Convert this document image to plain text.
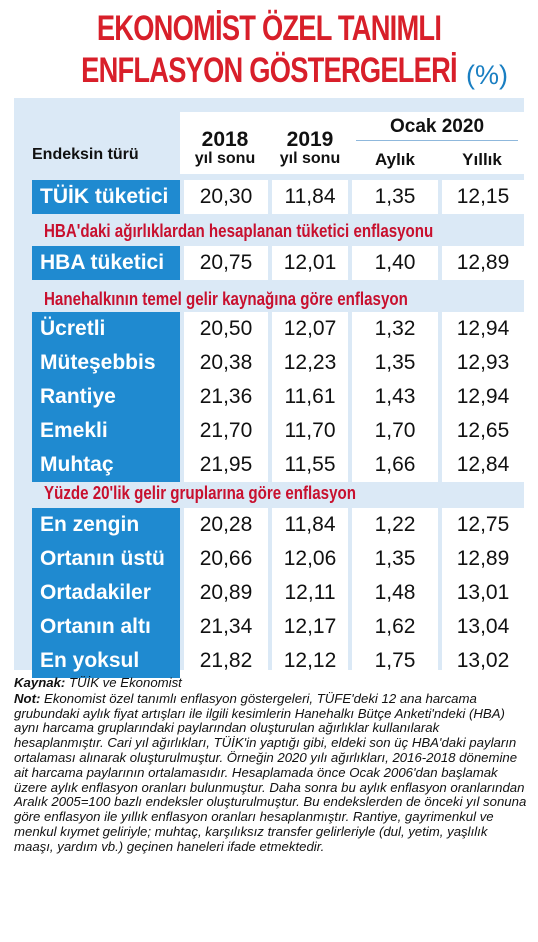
EKONOMİST ÖZEL TANIMLI
ENFLASYON GÖSTERGELERİ (%)
Endeksin türü
2018
yıl sonu
2019
yıl sonu
Ocak 2020
Aylık	Yıllık
HBA'daki ağırlıklardan hesaplanan tüketici enflasyonu
Hanehalkının temel gelir kaynağına göre enflasyon
Yüzde 20'lik gelir gruplarına göre enflasyon
TÜİK tüketici	20,30	11,84	1,35	12,15
HBA tüketici	20,75	12,01	1,40	12,89
Ücretli	20,50	12,07	1,32	12,94
Müteşebbis	20,38	12,23	1,35	12,93
Rantiye	21,36	11,61	1,43	12,94
Emekli	21,70	11,70	1,70	12,65
Muhtaç	21,95	11,55	1,66	12,84
En zengin	20,28	11,84	1,22	12,75
Ortanın üstü	20,66	12,06	1,35	12,89
Ortadakiler	20,89	12,11	1,48	13,01
Ortanın altı	21,34	12,17	1,62	13,04
En yoksul	21,82	12,12	1,75	13,02
Kaynak: TÜİK ve Ekonomist
Not: Ekonomist özel tanımlı enflasyon göstergeleri, TÜFE'deki 12 ana harcama grubundaki aylık fiyat artışları ile ilgili kesimlerin Hanehalkı Bütçe Anketi'ndeki (HBA) aynı harcama gruplarındaki paylarından oluşturulan ağırlıklar kullanılarak hesaplanmıştır. Cari yıl ağırlıkları, TÜİK'in yaptığı gibi, eldeki son üç HBA'daki payların ortalaması alınarak oluşturulmuştur. Örneğin 2020 yılı ağırlıkları, 2016-2018 dönemine ait harcama paylarının ortalamasıdır. Hesaplamada önce Ocak 2006'dan başlamak üzere aylık enflasyon oranları bulunmuştur. Daha sonra bu aylık enflasyon oranlarından Aralık 2005=100 bazlı endeksler oluşturulmuştur. Bu endekslerden de önceki yıl sonuna göre enflasyon ile yıllık enflasyon oranları hesaplanmıştır. Rantiye, gayrimenkul ve menkul kıymet geliriyle; muhtaç, karşılıksız transfer gelirleriyle (dul, yetim, yaşlılık maaşı, yardım vb.) geçinen haneleri ifade etmektedir.
